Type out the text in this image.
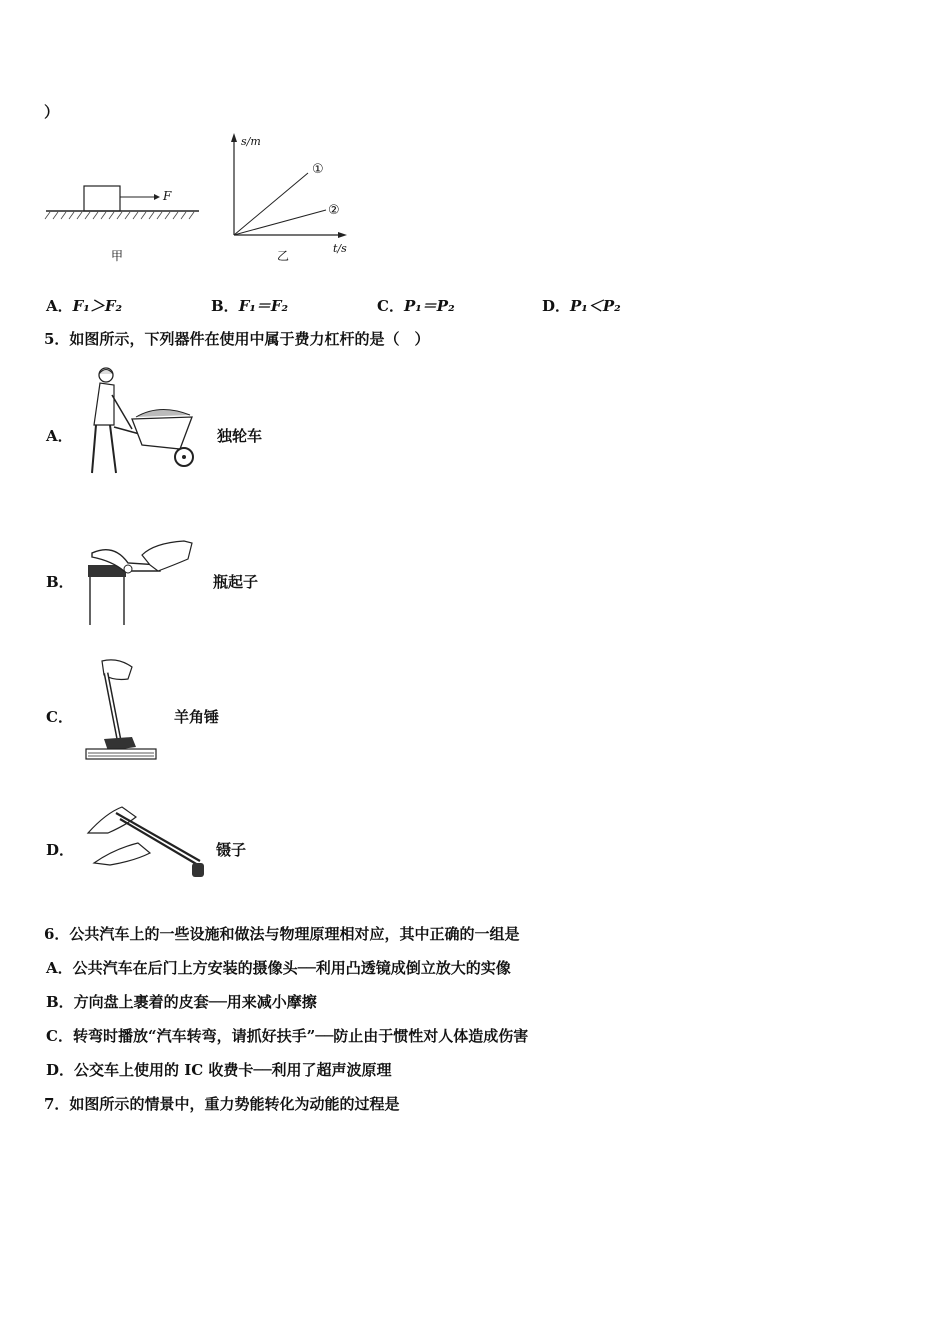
）
F
甲
s/m
t/s
①
②
乙
A．F₁＞F₂	B．F₁＝F₂	C．P₁＝P₂	D．P₁＜P₂
5．如图所示，下列器件在使用中属于费力杠杆的是（　）
A．	独轮车
B．	瓶起子
C．	羊角锤
D．	镊子
6．公共汽车上的一些设施和做法与物理原理相对应，其中正确的一组是
A．公共汽车在后门上方安装的摄像头──利用凸透镜成倒立放大的实像
B．方向盘上裹着的皮套──用来减小摩擦
C．转弯时播放“汽车转弯，请抓好扶手”──防止由于惯性对人体造成伤害
D．公交车上使用的 IC 收费卡──利用了超声波原理
7．如图所示的情景中，重力势能转化为动能的过程是
